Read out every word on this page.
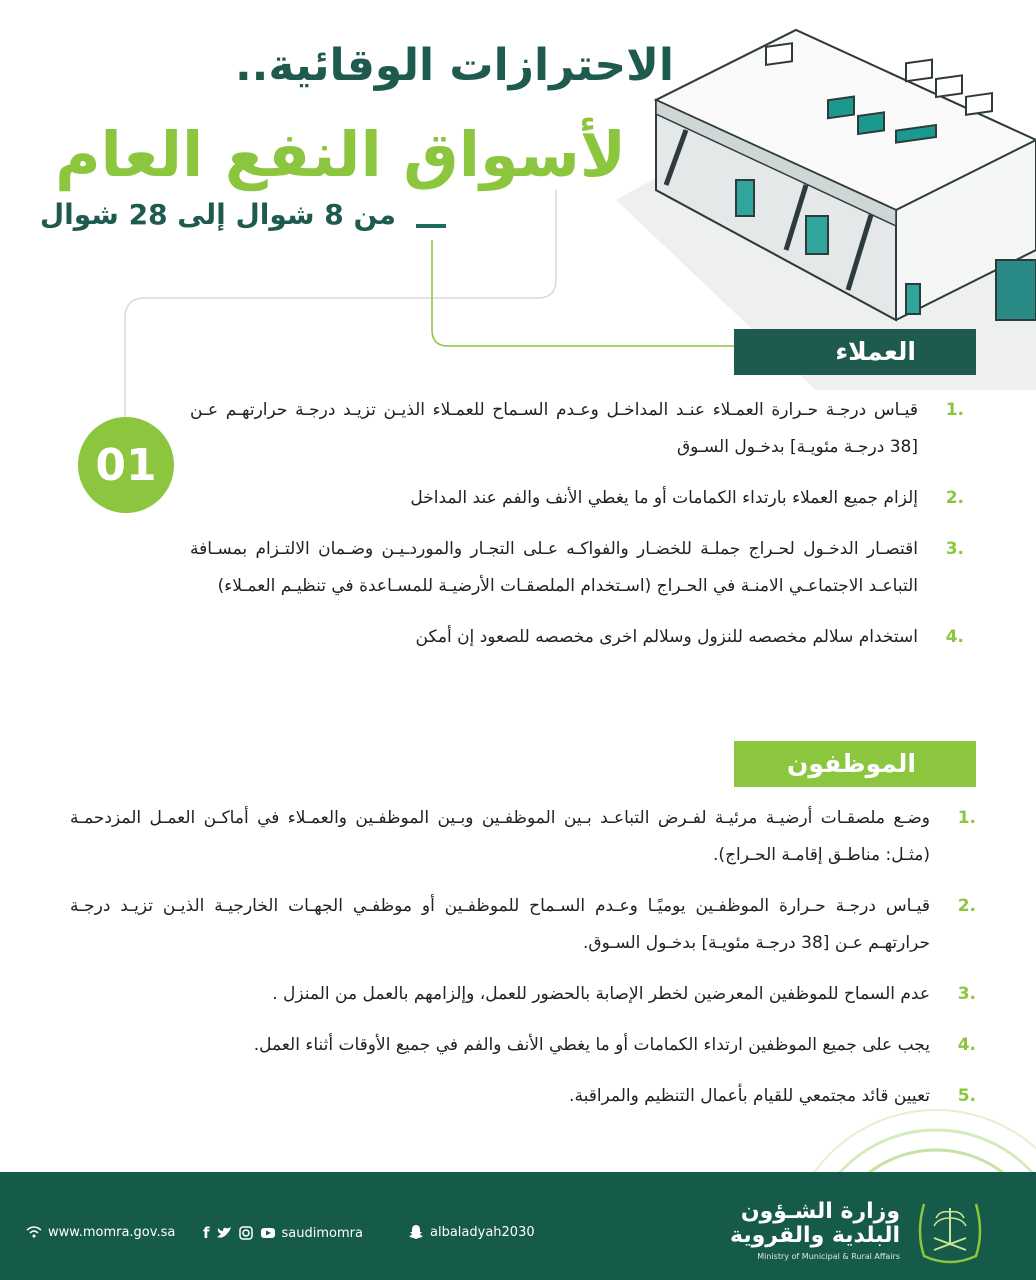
الاحترازات الوقائية..
لأسواق النفع العام
من 8 شوال إلى 28 شوال
01
العملاء
.1
قيـاس درجـة حـرارة العمـلاء عنـد المداخـل وعـدم السـماح للعمـلاء الذيـن تزيـد درجـة حرارتهـم عـن [38 درجـة مئويـة] بدخـول السـوق
.2
إلزام جميع العملاء بارتداء الكمامات أو ما يغطي الأنف والفم عند المداخل
.3
اقتصـار الدخـول لحـراج جملـة للخضـار والفواكـه عـلى التجـار والموردـيـن وضـمان الالتـزام بمسـافة التباعـد الاجتماعـي الامنـة في الحـراج (اسـتخدام الملصقـات الأرضيـة للمسـاعدة في تنظيـم العمـلاء)
.4
استخدام سلالم مخصصه للنزول وسلالم اخرى مخصصه للصعود إن أمكن
الموظفون
.1
وضـع ملصقـات أرضيـة مرئيـة لفـرض التباعـد بـين الموظفـين وبـين الموظفـين والعمـلاء في أماكـن العمـل المزدحمـة (مثـل: مناطـق إقامـة الحـراج).
.2
قيـاس درجـة حـرارة الموظفـين يوميًـا وعـدم السـماح للموظفـين أو موظفـي الجهـات الخارجيـة الذيـن تزيـد درجـة حرارتهـم عـن [38 درجـة مئويـة] بدخـول السـوق.
.3
عدم السماح للموظفين المعرضين لخطر الإصابة بالحضور للعمل، وإلزامهم بالعمل من المنزل .
.4
يجب على جميع الموظفين ارتداء الكمامات أو ما يغطي الأنف والفم في جميع الأوقات أثناء العمل.
.5
تعيين قائد مجتمعي للقيام بأعمال التنظيم والمراقبة.
www.momra.gov.sa f	saudimomra	albaladyah2030
وزارة الشـؤون
البلدية والقروية
Ministry of Municipal & Rural Affairs
